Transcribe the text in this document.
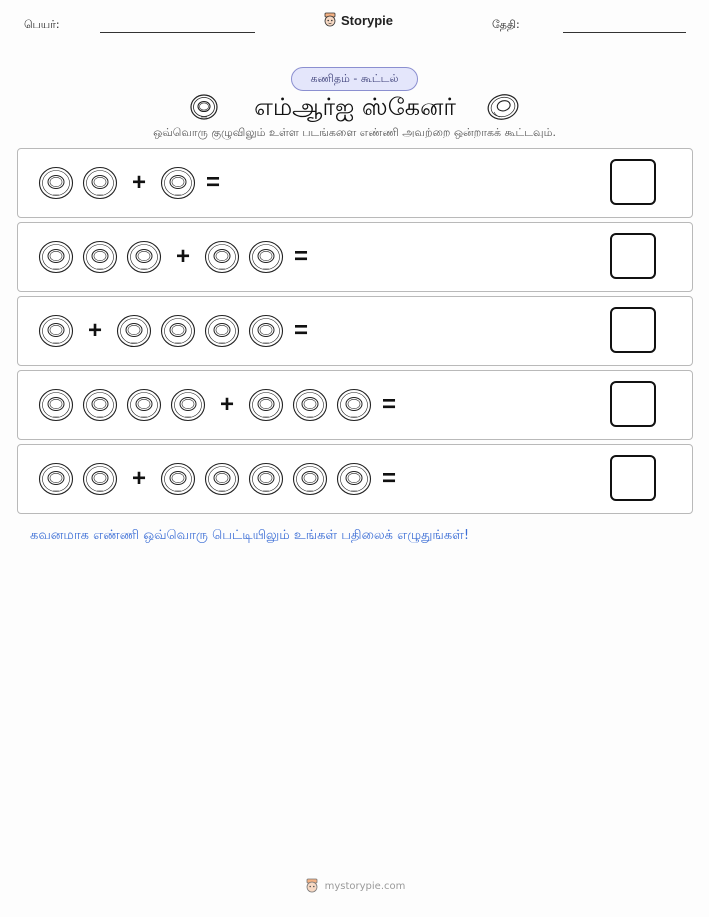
பெயர்:	Storypie	தேதி:
கணிதம் - கூட்டல்
எம்ஆர்ஐ ஸ்கேனர்
ஒவ்வொரு குழுவிலும் உள்ள படங்களை எண்ணி அவற்றை ஒன்றாகக் கூட்டவும்.
+	=
+	=
+	=
+	=
+	=
கவனமாக எண்ணி ஒவ்வொரு பெட்டியிலும் உங்கள் பதிலைக் எழுதுங்கள்!
mystorypie.com
